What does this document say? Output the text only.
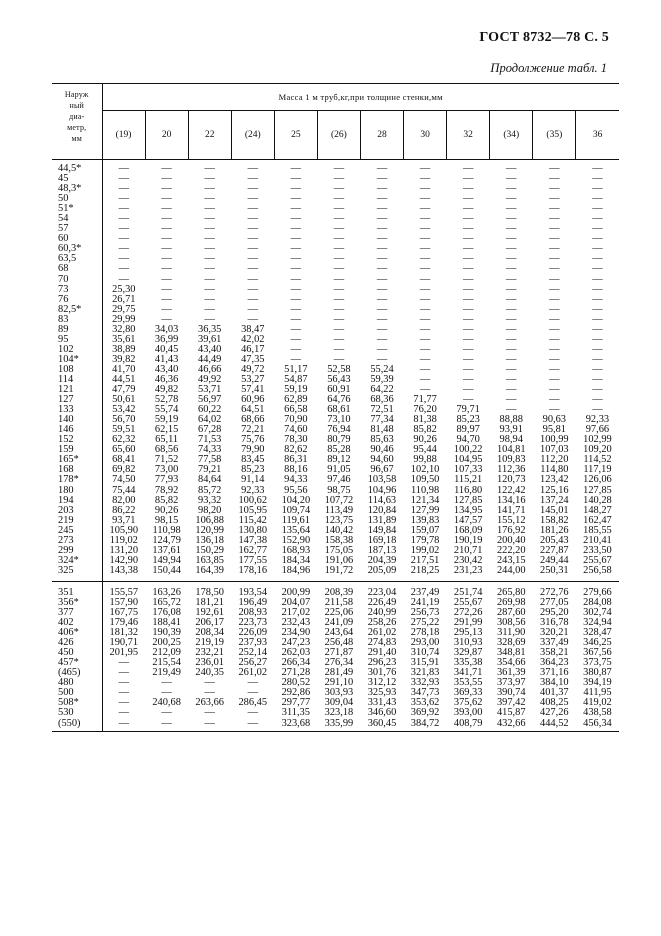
ГОСТ 8732—78 С. 5
Продолжение табл. 1
Наруж
ный
диа-
метр,
мм	Масса 1 м труб,кг,при толщине стенки,мм											
	(19)	20	22	(24)	25	(26)	28	30	32	(34)	(35)	36
44,5*	—	—	—	—	—	—	—	—	—	—	—	—
45	—	—	—	—	—	—	—	—	—	—	—	—
48,3*	—	—	—	—	—	—	—	—	—	—	—	—
50	—	—	—	—	—	—	—	—	—	—	—	—
51*	—	—	—	—	—	—	—	—	—	—	—	—
54	—	—	—	—	—	—	—	—	—	—	—	—
57	—	—	—	—	—	—	—	—	—	—	—	—
60	—	—	—	—	—	—	—	—	—	—	—	—
60,3*	—	—	—	—	—	—	—	—	—	—	—	—
63,5	—	—	—	—	—	—	—	—	—	—	—	—
68	—	—	—	—	—	—	—	—	—	—	—	—
70	—	—	—	—	—	—	—	—	—	—	—	—
73	25,30	—	—	—	—	—	—	—	—	—	—	—
76	26,71	—	—	—	—	—	—	—	—	—	—	—
82,5*	29,75	—	—	—	—	—	—	—	—	—	—	—
83	29,99	—	—	—	—	—	—	—	—	—	—	—
89	32,80	34,03	36,35	38,47	—	—	—	—	—	—	—	—
95	35,61	36,99	39,61	42,02	—	—	—	—	—	—	—	—
102	38,89	40,45	43,40	46,17	—	—	—	—	—	—	—	—
104*	39,82	41,43	44,49	47,35	—	—	—	—	—	—	—	—
108	41,70	43,40	46,66	49,72	51,17	52,58	55,24	—	—	—	—	—
114	44,51	46,36	49,92	53,27	54,87	56,43	59,39	—	—	—	—	—
121	47,79	49,82	53,71	57,41	59,19	60,91	64,22	—	—	—	—	—
127	50,61	52,78	56,97	60,96	62,89	64,76	68,36	71,77	—	—	—	—
133	53,42	55,74	60,22	64,51	66,58	68,61	72,51	76,20	79,71	—	—	—
140	56,70	59,19	64,02	68,66	70,90	73,10	77,34	81,38	85,23	88,88	90,63	92,33
146	59,51	62,15	67,28	72,21	74,60	76,94	81,48	85,82	89,97	93,91	95,81	97,66
152	62,32	65,11	71,53	75,76	78,30	80,79	85,63	90,26	94,70	98,94	100,99	102,99
159	65,60	68,56	74,33	79,90	82,62	85,28	90,46	95,44	100,22	104,81	107,03	109,20
165*	68,41	71,52	77,58	83,45	86,31	89,12	94,60	99,88	104,95	109,83	112,20	114,52
168	69,82	73,00	79,21	85,23	88,16	91,05	96,67	102,10	107,33	112,36	114,80	117,19
178*	74,50	77,93	84,64	91,14	94,33	97,46	103,58	109,50	115,21	120,73	123,42	126,06
180	75,44	78,92	85,72	92,33	95,56	98,75	104,96	110,98	116,80	122,42	125,16	127,85
194	82,00	85,82	93,32	100,62	104,20	107,72	114,63	121,34	127,85	134,16	137,24	140,28
203	86,22	90,26	98,20	105,95	109,74	113,49	120,84	127,99	134,95	141,71	145,01	148,27
219	93,71	98,15	106,88	115,42	119,61	123,75	131,89	139,83	147,57	155,12	158,82	162,47
245	105,90	110,98	120,99	130,80	135,64	140,42	149,84	159,07	168,09	176,92	181,26	185,55
273	119,02	124,79	136,18	147,38	152,90	158,38	169,18	179,78	190,19	200,40	205,43	210,41
299	131,20	137,61	150,29	162,77	168,93	175,05	187,13	199,02	210,71	222,20	227,87	233,50
324*	142,90	149,94	163,85	177,55	184,34	191,06	204,39	217,51	230,42	243,15	249,44	255,67
325	143,38	150,44	164,39	178,16	184,96	191,72	205,09	218,25	231,23	244,00	250,31	256,58
351	155,57	163,26	178,50	193,54	200,99	208,39	223,04	237,49	251,74	265,80	272,76	279,66
356*	157,90	165,72	181,21	196,49	204,07	211,58	226,49	241,19	255,67	269,98	277,05	284,08
377	167,75	176,08	192,61	208,93	217,02	225,06	240,99	256,73	272,26	287,60	295,20	302,74
402	179,46	188,41	206,17	223,73	232,43	241,09	258,26	275,22	291,99	308,56	316,78	324,94
406*	181,32	190,39	208,34	226,09	234,90	243,64	261,02	278,18	295,13	311,90	320,21	328,47
426	190,71	200,25	219,19	237,93	247,23	256,48	274,83	293,00	310,93	328,69	337,49	346,25
450	201,95	212,09	232,21	252,14	262,03	271,87	291,40	310,74	329,87	348,81	358,21	367,56
457*	—	215,54	236,01	256,27	266,34	276,34	296,23	315,91	335,38	354,66	364,23	373,75
(465)	—	219,49	240,35	261,02	271,28	281,49	301,76	321,83	341,71	361,39	371,16	380,87
480	—	—	—	—	280,52	291,10	312,12	332,93	353,55	373,97	384,10	394,19
500	—	—	—	—	292,86	303,93	325,93	347,73	369,33	390,74	401,37	411,95
508*	—	240,68	263,66	286,45	297,77	309,04	331,43	353,62	375,62	397,42	408,25	419,02
530	—	—	—	—	311,35	323,18	346,60	369,92	393,00	415,87	427,26	438,58
(550)	—	—	—	—	323,68	335,99	360,45	384,72	408,79	432,66	444,52	456,34
